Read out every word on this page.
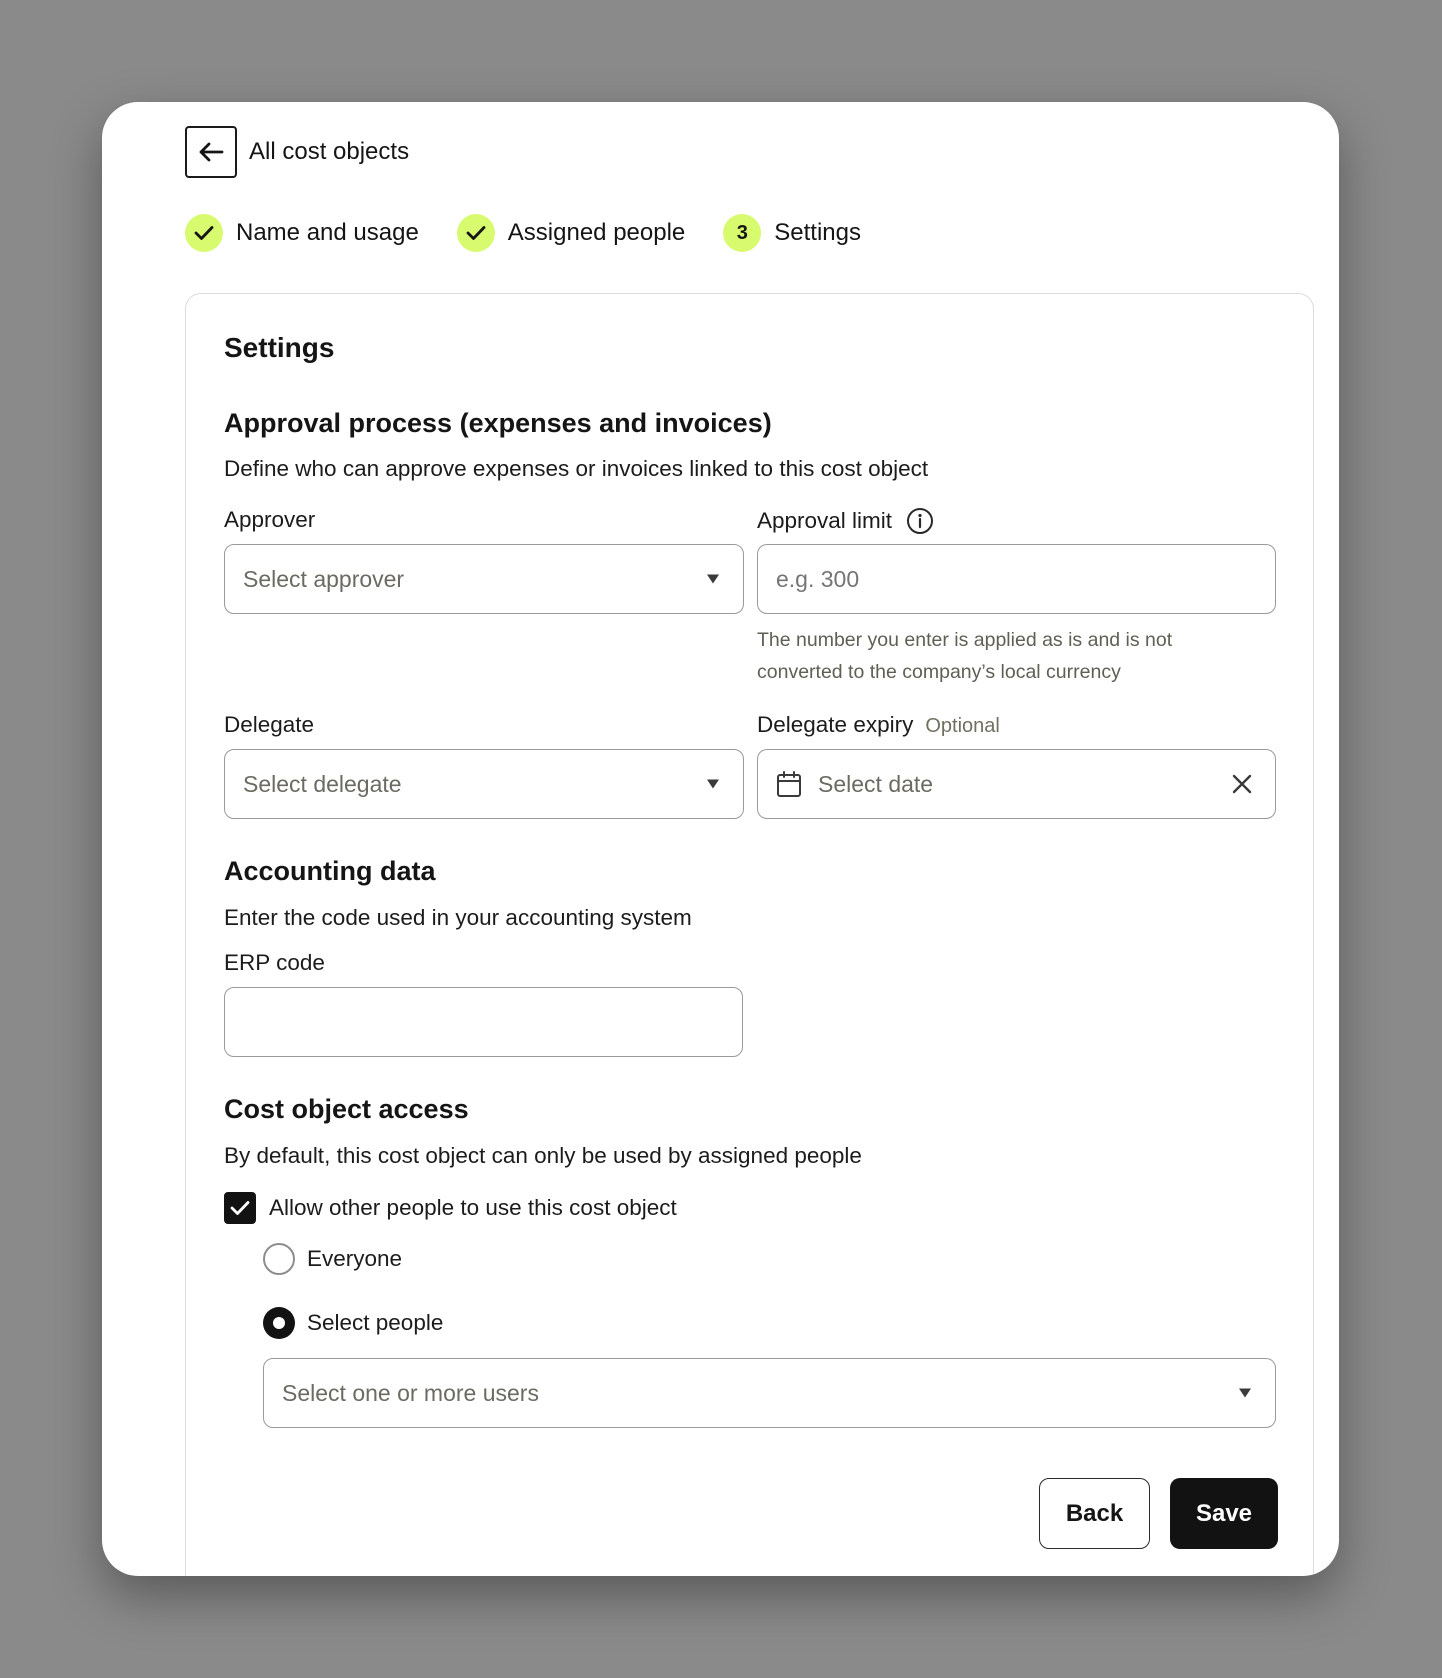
All cost objects
Name and usage	Assigned people	3	Settings
Settings
Approval process (expenses and invoices)
Define who can approve expenses or invoices linked to this cost object
Approver
Select approver
Approval limit
e.g. 300
The number you enter is applied as is and is not
converted to the company’s local currency
Delegate
Select delegate
Delegate expiry Optional
Select date
Accounting data
Enter the code used in your accounting system
ERP code
Cost object access
By default, this cost object can only be used by assigned people
Allow other people to use this cost object
Everyone
Select people
Select one or more users
Back	Save
